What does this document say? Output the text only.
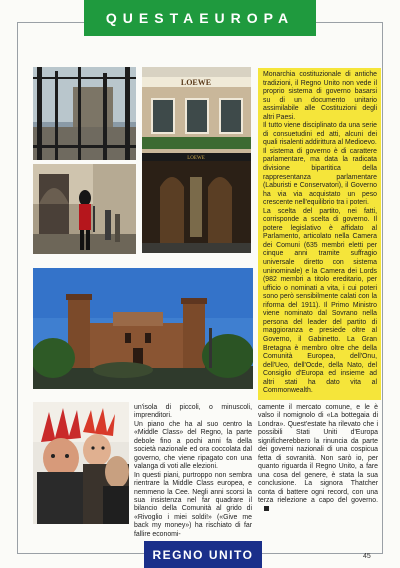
QUESTAEUROPA
LOEWE
LOEWE

Monarchia costituzionale di antiche tradizioni, il Regno Unito non vede il proprio sistema di governo basarsi su di un documento unitario assimilabile alle Costituzioni degli altri Paesi.

Il tutto viene disciplinato da una serie di consuetudini ed atti, alcuni dei quali risalenti addirittura al Medioevo.

Il sistema di governo è di carattere parlamentare, ma data la radicata divisione bipartitica della rappresentanza parlamentare (Laburisti e Conservatori), il Governo ha via via acquistato un peso crescente nell'equilibrio tra i poteri.

La scelta del partito, nei fatti, corrisponde a scelta di governo. Il potere legislativo è affidato al Parlamento, articolato nella Camera dei Comuni (635 membri eletti per cinque anni tramite suffragio universale diretto con sistema uninominale) e la Camera dei Lords (982 membri a titolo ereditario, per ufficio o nominati a vita, i cui poteri sono però sensibilmente calati con la riforma del 1911). Il Primo Ministro viene nominato dal Sovrano nella persona del leader del partito di maggioranza e presiede oltre al Governo, il Gabinetto. La Gran Bretagna è membro oltre che della Comunità Europea, dell'Onu, dell'Ueo, dell'Ocde, della Nato, del Consiglio d'Europa ed insieme ad altri stati ha dato vita al Commonwealth.

un'isola di piccoli, o minuscoli, imprenditori.

Un piano che ha al suo centro la «Middle Class» del Regno, la parte debole fino a pochi anni fa della società nazionale ed ora coccolata dal governo, che viene ripagato con una valanga di voti alle elezioni.

In questi piani, purtroppo non sembra rientrare la Middle Class europea, e nemmeno la Cee. Negli anni scorsi la sua insistenza nel far quadrare il bilancio della Comunità al grido di «Rivoglio i miei soldi!» («Give me back my money») ha rischiato di far fallire economi-

camente il mercato comune, e le è valso il nomignolo di «La bottegaia di Londra». Quest'estate ha rilevato che i possibili Stati Uniti d'Europa significherebbero la rinuncia da parte dei governi nazionali di una cospicua fetta di sovranità. Non sarò io, per quanto riguarda il Regno Unito, a fare una cosa del genere, è stata la sua conclusione. La signora Thatcher conta di battere ogni record, con una terza rielezione a capo del governo.

REGNO UNITO	45
